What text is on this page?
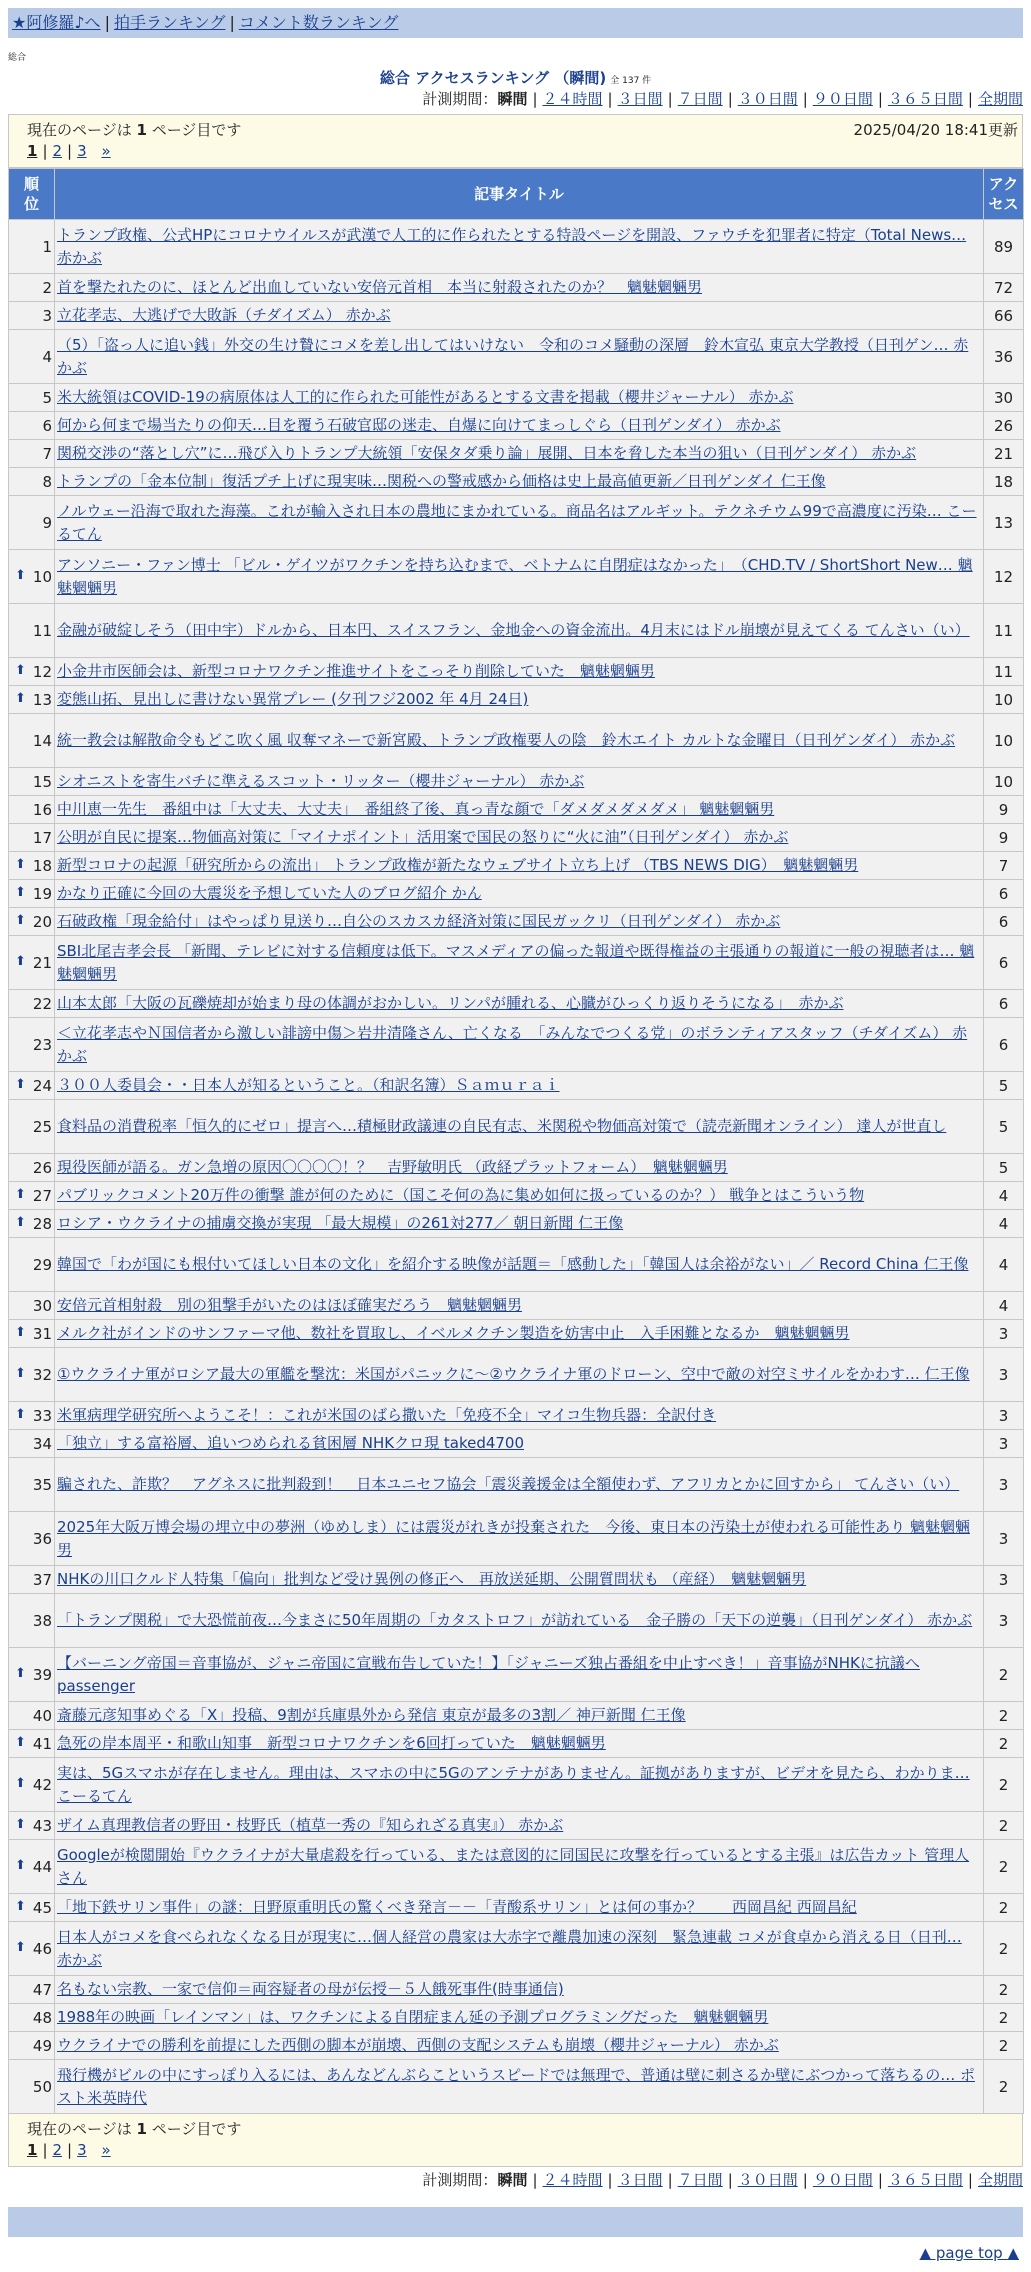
★阿修羅♪へ | 拍手ランキング | コメント数ランキング
総合
総合 アクセスランキング （瞬間) 全 137 件
計測期間：瞬間 | ２４時間 | ３日間 | ７日間 | ３０日間 | ９０日間 | ３６５日間 | 全期間
現在のページは 1 ページ目です	2025/04/20 18:41更新
1 | 2 | 3 »
順位	記事タイトル	アクセス
1	トランプ政権、公式HPにコロナウイルスが武漢で人工的に作られたとする特設ページを開設、ファウチを犯罪者に特定（Total News… 赤かぶ	89
2	首を撃たれたのに、ほとんど出血していない安倍元首相　本当に射殺されたのか？　魑魅魍魎男	72
3	立花孝志、大逃げで大敗訴（チダイズム） 赤かぶ	66
4	（5）「盗っ人に追い銭」外交の生け贄にコメを差し出してはいけない　令和のコメ騒動の深層　鈴木宣弘 東京大学教授（日刊ゲン… 赤かぶ	36
5	米大統領はCOVID-19の病原体は人工的に作られた可能性があるとする文書を掲載（櫻井ジャーナル） 赤かぶ	30
6	何から何まで場当たりの仰天…目を覆う石破官邸の迷走、自爆に向けてまっしぐら（日刊ゲンダイ） 赤かぶ	26
7	関税交渉の“落とし穴”に…飛び入りトランプ大統領「安保タダ乗り論」展開、日本を脅した本当の狙い（日刊ゲンダイ） 赤かぶ	21
8	トランプの「金本位制」復活プチ上げに現実味…関税への警戒感から価格は史上最高値更新／日刊ゲンダイ 仁王像	18
9	ノルウェー沿海で取れた海藻。これが輸入され日本の農地にまかれている。商品名はアルギット。テクネチウム99で高濃度に汚染… こーるてん	13

⬆ 10	アンソニー・ファン博士 「ビル・ゲイツがワクチンを持ち込むまで、ベトナムに自閉症はなかった」　（CHD.TV / ShortShort New… 魑魅魍魎男	12
11	金融が破綻しそう（田中宇）ドルから、日本円、スイスフラン、金地金への資金流出。4月末にはドル崩壊が見えてくる てんさい（い）	11

⬆ 12	小金井市医師会は、新型コロナワクチン推進サイトをこっそり削除していた　魑魅魍魎男	11

⬆ 13	変態山拓、見出しに書けない異常プレー (夕刊フジ2002 年 4月 24日)	10
14	統一教会は解散命令もどこ吹く風 収奪マネーで新宮殿、トランプ政権要人の陰　鈴木エイト カルトな金曜日（日刊ゲンダイ） 赤かぶ	10
15	シオニストを寄生バチに準えるスコット・リッター（櫻井ジャーナル） 赤かぶ	10
16	中川恵一先生　番組中は「大丈夫、大丈夫」　番組終了後、真っ青な顔で「ダメダメダメダメ」 魑魅魍魎男	9
17	公明が自民に提案…物価高対策に「マイナポイント」活用案で国民の怒りに“火に油”（日刊ゲンダイ） 赤かぶ	9

⬆ 18	新型コロナの起源「研究所からの流出」 トランプ政権が新たなウェブサイト立ち上げ （TBS NEWS DIG）　魑魅魍魎男	7

⬆ 19	かなり正確に今回の大震災を予想していた人のブログ紹介 かん	6

⬆ 20	石破政権「現金給付」はやっぱり見送り…自公のスカスカ経済対策に国民ガックリ（日刊ゲンダイ） 赤かぶ	6

⬆ 21	SBI北尾吉孝会長 「新聞、テレビに対する信頼度は低下。マスメディアの偏った報道や既得権益の主張通りの報道に一般の視聴者は… 魑魅魍魎男	6
22	山本太郎「大阪の瓦礫焼却が始まり母の体調がおかしい。リンパが腫れる、心臓がひっくり返りそうになる」　赤かぶ	6
23	＜立花孝志やＮ国信者から激しい誹謗中傷＞岩井清隆さん、亡くなる　「みんなでつくる党」のボランティアスタッフ（チダイズム） 赤かぶ	6

⬆ 24	３００人委員会・・日本人が知るということ。（和訳名簿）Ｓａｍｕｒａｉ	5
25	食料品の消費税率「恒久的にゼロ」提言へ…積極財政議連の自民有志、米関税や物価高対策で（読売新聞オンライン） 達人が世直し	5
26	現役医師が語る。ガン急増の原因〇〇〇〇！？　吉野敏明氏 （政経プラットフォーム）　魑魅魍魎男	5

⬆ 27	パブリックコメント20万件の衝撃 誰が何のために（国こそ何の為に集め如何に扱っているのか？） 戦争とはこういう物	4

⬆ 28	ロシア・ウクライナの捕虜交換が実現 「最大規模」の261対277／ 朝日新聞 仁王像	4
29	韓国で「わが国にも根付いてほしい日本の文化」を紹介する映像が話題＝「感動した」「韓国人は余裕がない」／ Record China 仁王像	4
30	安倍元首相射殺　別の狙撃手がいたのはほぼ確実だろう　魑魅魍魎男	4

⬆ 31	メルク社がインドのサンファーマ他、数社を買取し、イベルメクチン製造を妨害中止　入手困難となるか　魑魅魍魎男	3

⬆ 32	①ウクライナ軍がロシア最大の軍艦を撃沈：米国がパニックに～②ウクライナ軍のドローン、空中で敵の対空ミサイルをかわす… 仁王像	3

⬆ 33	米軍病理学研究所へようこそ！：これが米国のばら撒いた「免疫不全」マイコ生物兵器：全訳付き	3
34	「独立」する富裕層、追いつめられる貧困層 NHKクロ現 taked4700	3
35	騙された、詐欺？　アグネスに批判殺到！　日本ユニセフ協会「震災義援金は全額使わず、アフリカとかに回すから」 てんさい（い）	3
36	2025年大阪万博会場の埋立中の夢洲（ゆめしま）には震災がれきが投棄された　今後、東日本の汚染土が使われる可能性あり 魑魅魍魎男	3
37	NHKの川口クルド人特集「偏向」批判など受け異例の修正へ　再放送延期、公開質問状も （産経）　魑魅魍魎男	3
38	「トランプ関税」で大恐慌前夜…今まさに50年周期の「カタストロフ」が訪れている　金子勝の「天下の逆襲」（日刊ゲンダイ） 赤かぶ	3

⬆ 39	【バーニング帝国＝音事協が、ジャニ帝国に宣戦布告していた！】「ジャニーズ独占番組を中止すべき！」音事協がNHKに抗議へ passenger	2
40	斎藤元彦知事めぐる「X」投稿、9割が兵庫県外から発信 東京が最多の3割／ 神戸新聞 仁王像	2

⬆ 41	急死の岸本周平・和歌山知事　新型コロナワクチンを6回打っていた　魑魅魍魎男	2

⬆ 42	実は、5Gスマホが存在しません。理由は、スマホの中に5Gのアンテナがありません。証拠がありますが、ビデオを見たら、わかりま… こーるてん	2

⬆ 43	ザイム真理教信者の野田・枝野氏（植草一秀の『知られざる真実』） 赤かぶ	2

⬆ 44	Googleが検閲開始『ウクライナが大量虐殺を行っている、または意図的に同国民に攻撃を行っているとする主張』は広告カット 管理人さん	2

⬆ 45	「地下鉄サリン事件」の謎：日野原重明氏の驚くべき発言－－「青酸系サリン」とは何の事か？　　西岡昌紀 西岡昌紀	2

⬆ 46	日本人がコメを食べられなくなる日が現実に…個人経営の農家は大赤字で離農加速の深刻　緊急連載 コメが食卓から消える日（日刊… 赤かぶ	2
47	名もない宗教、一家で信仰＝両容疑者の母が伝授－５人餓死事件(時事通信)	2
48	1988年の映画「レインマン」は、ワクチンによる自閉症まん延の予測プログラミングだった　魑魅魍魎男	2
49	ウクライナでの勝利を前提にした西側の脚本が崩壊、西側の支配システムも崩壊（櫻井ジャーナル） 赤かぶ	2
50	飛行機がビルの中にすっぽり入るには、あんなどんぶらこというスピードでは無理で、普通は壁に刺さるか壁にぶつかって落ちるの… ポスト米英時代	2
現在のページは 1 ページ目です
1 | 2 | 3 »
計測期間：瞬間 | ２４時間 | ３日間 | ７日間 | ３０日間 | ９０日間 | ３６５日間 | 全期間
▲ page top ▲
